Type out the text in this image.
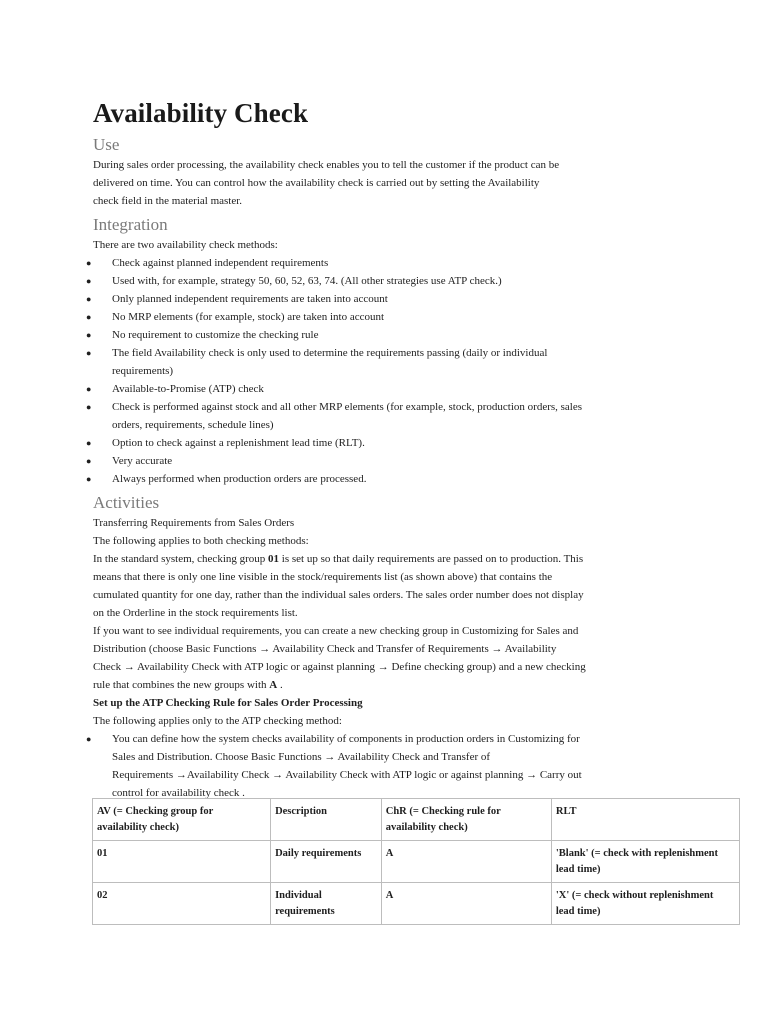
Availability Check
Use

During sales order processing, the availability check enables you to tell the customer if the product can be

delivered on time. You can control how the availability check is carried out by setting the Availability

check field in the material master.

Integration

There are two availability check methods:

● Check against planned independent requirements
● Used with, for example, strategy 50, 60, 52, 63, 74. (All other strategies use ATP check.)
● Only planned independent requirements are taken into account
● No MRP elements (for example, stock) are taken into account
● No requirement to customize the checking rule
● The field Availability check is only used to determine the requirements passing (daily or individual
requirements)
● Available-to-Promise (ATP) check
● Check is performed against stock and all other MRP elements (for example, stock, production orders, sales
orders, requirements, schedule lines)
● Option to check against a replenishment lead time (RLT).
● Very accurate
● Always performed when production orders are processed.
Activities

Transferring Requirements from Sales Orders

The following applies to both checking methods:

In the standard system, checking group 01 is set up so that daily requirements are passed on to production. This
means that there is only one line visible in the stock/requirements list (as shown above) that contains the
cumulated quantity for one day, rather than the individual sales orders. The sales order number does not display
on the Orderline in the stock requirements list.

If you want to see individual requirements, you can create a new checking group in Customizing for Sales and
Distribution (choose Basic Functions → Availability Check and Transfer of Requirements → Availability
Check → Availability Check with ATP logic or against planning → Define checking group) and a new checking
rule that combines the new groups with A .

Set up the ATP Checking Rule for Sales Order Processing

The following applies only to the ATP checking method:

● You can define how the system checks availability of components in production orders in Customizing for
Sales and Distribution. Choose Basic Functions → Availability Check and Transfer of
Requirements →Availability Check → Availability Check with ATP logic or against planning → Carry out
control for availability check .
AV (= Checking group for
availability check)	Description	ChR (= Checking rule for
availability check)	RLT
01	Daily requirements	A	'Blank' (= check with replenishment
lead time)
02	Individual
requirements	A	'X' (= check without replenishment
lead time)
